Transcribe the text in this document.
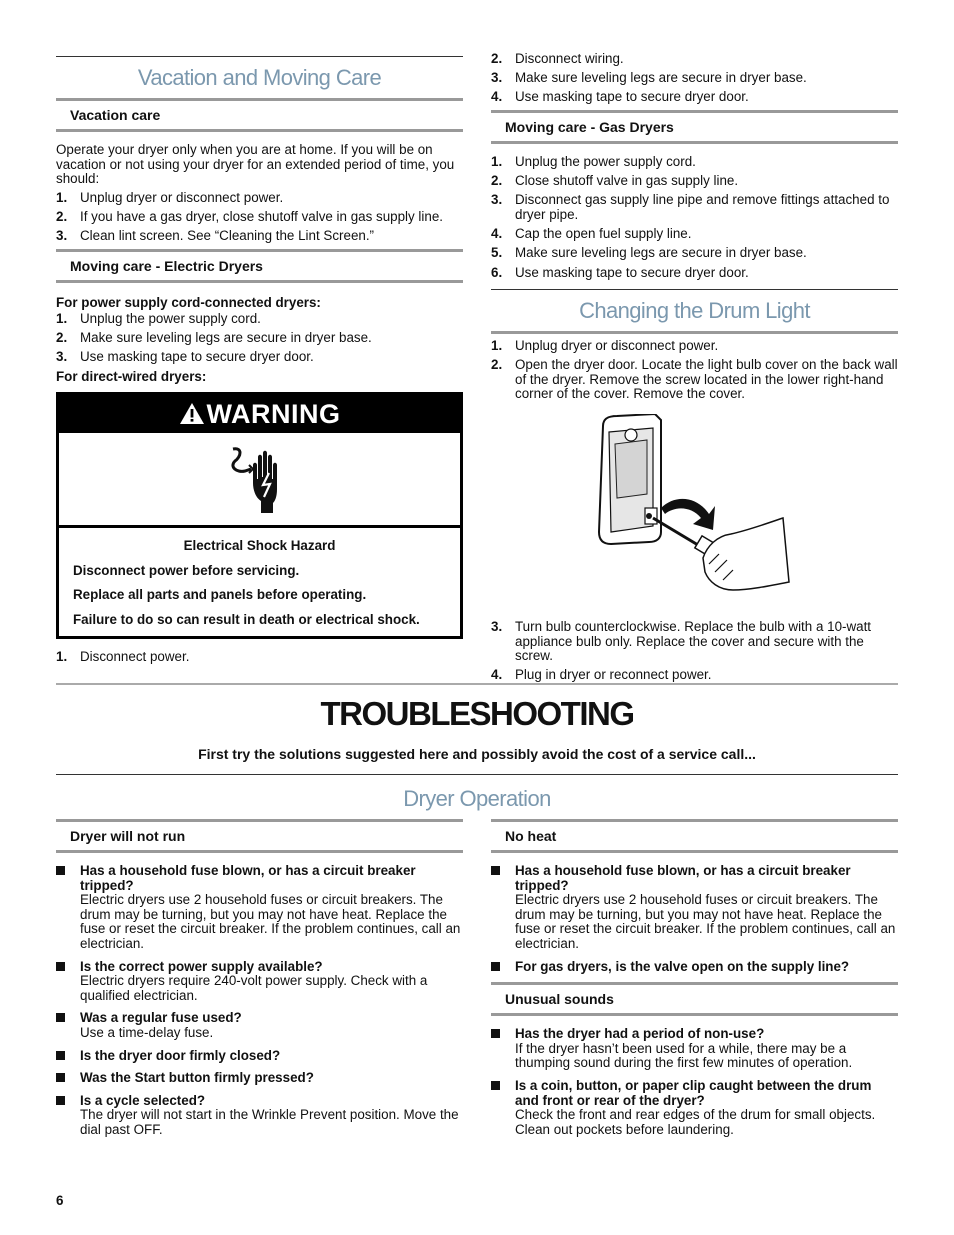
Vacation and Moving Care
Vacation care

Operate your dryer only when you are at home. If you will be on vacation or not using your dryer for an extended period of time, you should:

1. Unplug dryer or disconnect power.
2. If you have a gas dryer, close shutoff valve in gas supply line.
3. Clean lint screen. See “Cleaning the Lint Screen.”
Moving care - Electric Dryers
For power supply cord-connected dryers:
1. Unplug the power supply cord.
2. Make sure leveling legs are secure in dryer base.
3. Use masking tape to secure dryer door.
For direct-wired dryers:
WARNING
Electrical Shock Hazard
Disconnect power before servicing.
Replace all parts and panels before operating.
Failure to do so can result in death or electrical shock.
1. Disconnect power.
2. Disconnect wiring.
3. Make sure leveling legs are secure in dryer base.
4. Use masking tape to secure dryer door.
Moving care - Gas Dryers
1. Unplug the power supply cord.
2. Close shutoff valve in gas supply line.
3. Disconnect gas supply line pipe and remove fittings attached to dryer pipe.
4. Cap the open fuel supply line.
5. Make sure leveling legs are secure in dryer base.
6. Use masking tape to secure dryer door.
Changing the Drum Light
1. Unplug dryer or disconnect power.
2. Open the dryer door. Locate the light bulb cover on the back wall of the dryer. Remove the screw located in the lower right-hand corner of the cover. Remove the cover.
3. Turn bulb counterclockwise. Replace the bulb with a 10-watt appliance bulb only. Replace the cover and secure with the screw.
4. Plug in dryer or reconnect power.
TROUBLESHOOTING
First try the solutions suggested here and possibly avoid the cost of a service call...
Dryer Operation
Dryer will not run
Has a household fuse blown, or has a circuit breaker tripped?
Electric dryers use 2 household fuses or circuit breakers. The drum may be turning, but you may not have heat. Replace the fuse or reset the circuit breaker. If the problem continues, call an electrician.
Is the correct power supply available?
Electric dryers require 240-volt power supply. Check with a qualified electrician.
Was a regular fuse used?
Use a time-delay fuse.
Is the dryer door firmly closed?
Was the Start button firmly pressed?
Is a cycle selected?
The dryer will not start in the Wrinkle Prevent position. Move the dial past OFF.
No heat
Has a household fuse blown, or has a circuit breaker tripped?
Electric dryers use 2 household fuses or circuit breakers. The drum may be turning, but you may not have heat. Replace the fuse or reset the circuit breaker. If the problem continues, call an electrician.
For gas dryers, is the valve open on the supply line?
Unusual sounds
Has the dryer had a period of non-use?
If the dryer hasn’t been used for a while, there may be a thumping sound during the first few minutes of operation.
Is a coin, button, or paper clip caught between the drum and front or rear of the dryer?
Check the front and rear edges of the drum for small objects. Clean out pockets before laundering.
6
